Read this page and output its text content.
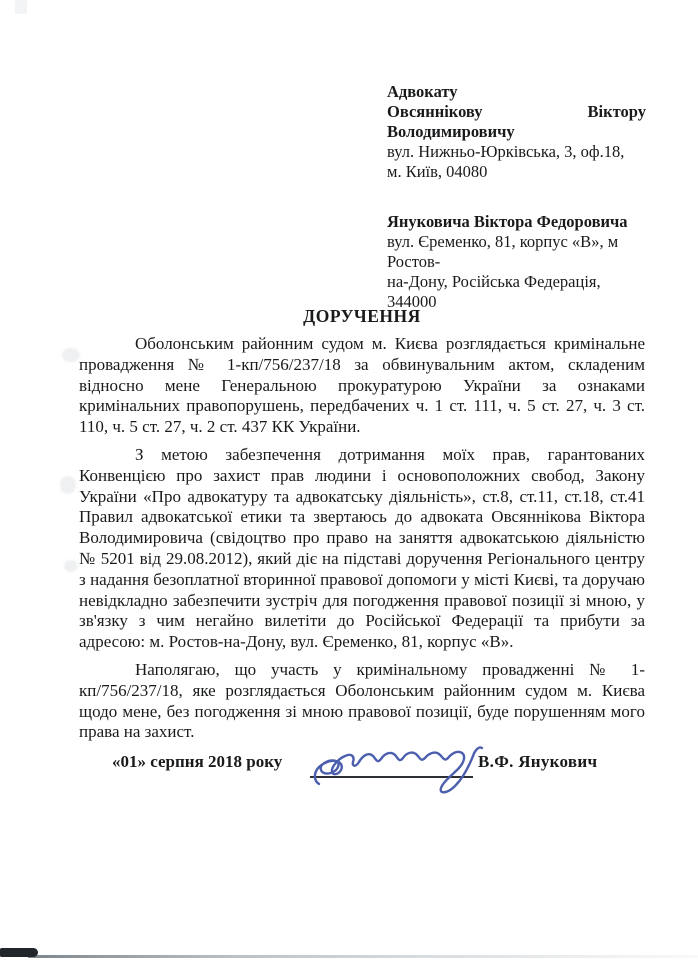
Адвокату
Овсяннікову	Віктору
Володимировичу
вул. Нижньо-Юрківська, 3, оф.18,
м. Київ, 04080
Януковича Віктора Федоровича
вул. Єременко, 81, корпус «В», м Ростов-
на-Дону, Російська Федерація, 344000
ДОРУЧЕННЯ

Оболонським районним судом м. Києва розглядається кримінальне провадження № 1-кп/756/237/18 за обвинувальним актом, складеним відносно мене Генеральною прокуратурою України за ознаками кримінальних правопорушень, передбачених ч. 1 ст. 111, ч. 5 ст. 27, ч. 3 ст. 110, ч. 5 ст. 27, ч. 2 ст. 437 КК України.

З метою забезпечення дотримання моїх прав, гарантованих Конвенцією про захист прав людини і основоположних свобод, Закону України «Про адвокатуру та адвокатську діяльність», ст.8, ст.11, ст.18, ст.41 Правил адвокатської етики та звертаюсь до адвоката Овсяннікова Віктора Володимировича (свідоцтво про право на заняття адвокатською діяльністю № 5201 від 29.08.2012), який діє на підставі доручення Регіонального центру з надання безоплатної вторинної правової допомоги у місті Києві, та доручаю невідкладно забезпечити зустріч для погодження правової позиції зі мною, у зв'язку з чим негайно вилетіти до Російської Федерації та прибути за адресою: м. Ростов-на-Дону, вул. Єременко, 81, корпус «В».

Наполягаю, що участь у кримінальному провадженні № 1-кп/756/237/18, яке розглядається Оболонським районним судом м. Києва щодо мене, без погодження зі мною правової позиції, буде порушенням мого права на захист.

«01» серпня 2018 року	В.Ф. Янукович
